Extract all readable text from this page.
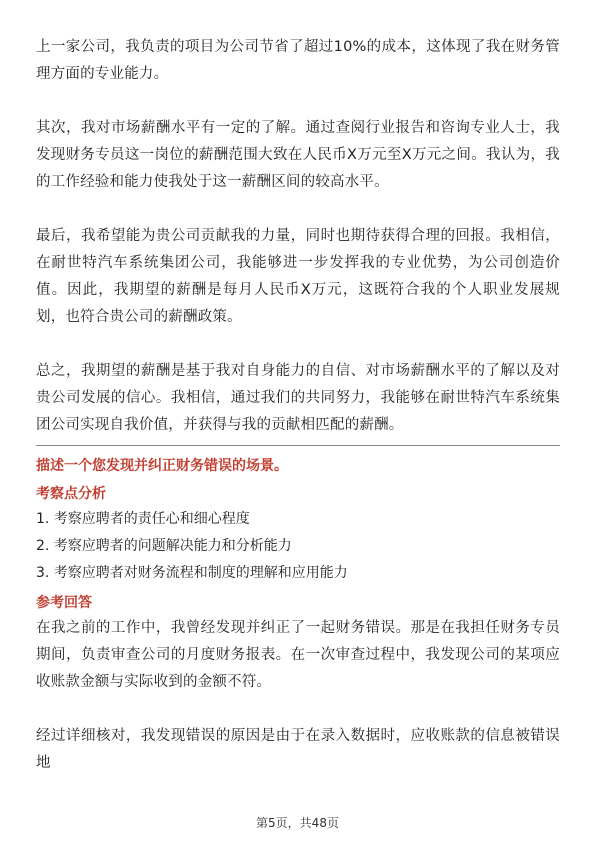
上一家公司，我负责的项目为公司节省了超过10%的成本，这体现了我在财务管理方面的专业能力。

其次，我对市场薪酬水平有一定的了解。通过查阅行业报告和咨询专业人士，我发现财务专员这一岗位的薪酬范围大致在人民币X万元至X万元之间。我认为，我的工作经验和能力使我处于这一薪酬区间的较高水平。

最后，我希望能为贵公司贡献我的力量，同时也期待获得合理的回报。我相信，在耐世特汽车系统集团公司，我能够进一步发挥我的专业优势，为公司创造价值。因此，我期望的薪酬是每月人民币X万元，这既符合我的个人职业发展规划，也符合贵公司的薪酬政策。

总之，我期望的薪酬是基于我对自身能力的自信、对市场薪酬水平的了解以及对贵公司发展的信心。我相信，通过我们的共同努力，我能够在耐世特汽车系统集团公司实现自我价值，并获得与我的贡献相匹配的薪酬。

描述一个您发现并纠正财务错误的场景。

考察点分析

1. 考察应聘者的责任心和细心程度

2. 考察应聘者的问题解决能力和分析能力

3. 考察应聘者对财务流程和制度的理解和应用能力

参考回答

在我之前的工作中，我曾经发现并纠正了一起财务错误。那是在我担任财务专员期间，负责审查公司的月度财务报表。在一次审查过程中，我发现公司的某项应收账款金额与实际收到的金额不符。

经过详细核对，我发现错误的原因是由于在录入数据时，应收账款的信息被错误地

第5页，共48页
